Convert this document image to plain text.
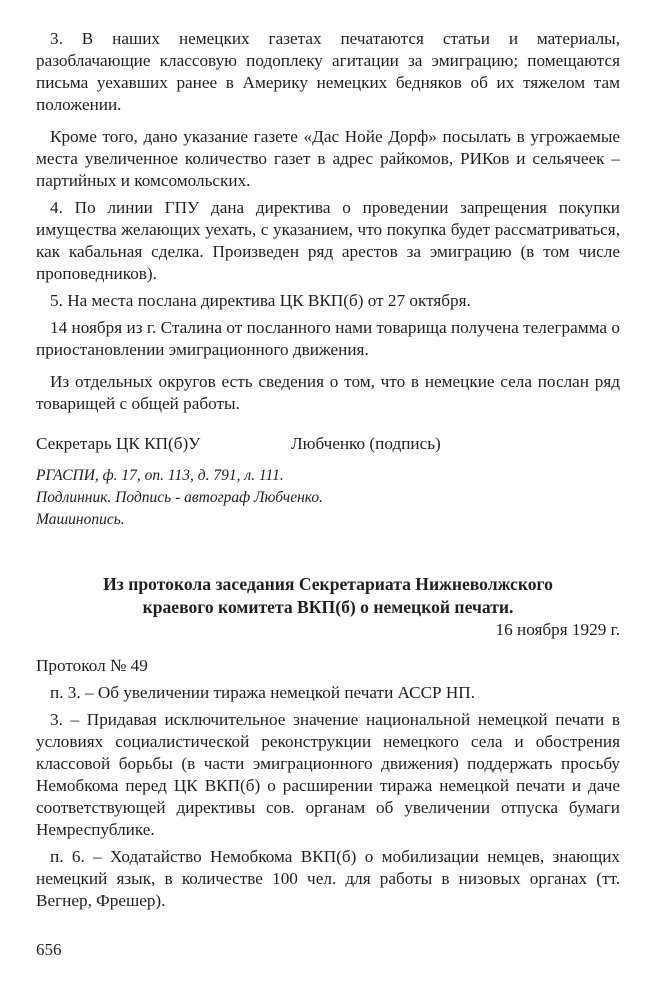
3. В наших немецких газетах печатаются статьи и материалы, разоблачающие классовую подоплеку агитации за эмиграцию; помещаются письма уехавших ранее в Америку немецких бедняков об их тяжелом там положении.

Кроме того, дано указание газете «Дас Нойе Дорф» посылать в угрожаемые места увеличенное количество газет в адрес райкомов, РИКов и сельячеек – партийных и комсомольских.

4. По линии ГПУ дана директива о проведении запрещения покупки имущества желающих уехать, с указанием, что покупка будет рассматриваться, как кабальная сделка. Произведен ряд арестов за эмиграцию (в том числе проповедников).

5. На места послана директива ЦК ВКП(б) от 27 октября.

14 ноября из г. Сталина от посланного нами товарища получена телеграмма о приостановлении эмиграционного движения.

Из отдельных округов есть сведения о том, что в немецкие села послан ряд товарищей с общей работы.

Секретарь ЦК КП(б)У	Любченко (подпись)
РГАСПИ, ф. 17, оп. 113, д. 791, л. 111.
Подлинник. Подпись - автограф Любченко.
Машинопись.
Из протокола заседания Секретариата Нижневолжского
краевого комитета ВКП(б) о немецкой печати.

16 ноября 1929 г.

Протокол № 49

п. 3. – Об увеличении тиража немецкой печати АССР НП.

3. – Придавая исключительное значение национальной немецкой печати в условиях социалистической реконструкции немецкого села и обострения классовой борьбы (в части эмиграционного движения) поддержать просьбу Немобкома перед ЦК ВКП(б) о расширении тиража немецкой печати и даче соответствующей директивы сов. органам об увеличении отпуска бумаги Немреспублике.

п. 6. – Ходатайство Немобкома ВКП(б) о мобилизации немцев, знающих немецкий язык, в количестве 100 чел. для работы в низовых органах (тт. Вегнер, Фрешер).

656
